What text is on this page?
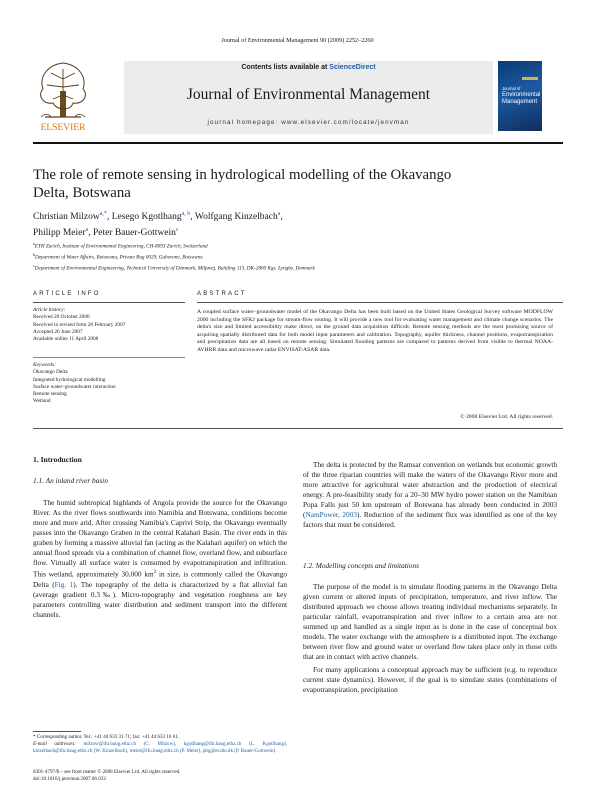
Journal of Environmental Management 90 (2009) 2252–2260
ELSEVIER
Contents lists available at ScienceDirect
Journal of Environmental Management
journal homepage: www.elsevier.com/locate/jenvman
Journal of
Environmental
Management
The role of remote sensing in hydrological modelling of the Okavango Delta, Botswana
Christian Milzow$^{a,*}$, Lesego Kgotlhang$^{a, b}$, Wolfgang Kinzelbach$^a$,
Philipp Meier$^a$, Peter Bauer-Gottwein$^c$
$^a$ETH Zurich, Institute of Environmental Engineering, CH-8093 Zurich, Switzerland
$^b$Department of Water Affairs, Botswana, Private Bag 0029, Gaborone, Botswana
$^c$Department of Environmental Engineering, Technical University of Denmark, Miljøvej, Building 113, DK-2800 Kgs. Lyngby, Denmark
ARTICLE INFO	ABSTRACT
Article history:
Received 20 October 2006
Received in revised form 28 February 2007
Accepted 26 June 2007
Available online 11 April 2008
Keywords:
Okavango Delta
Integrated hydrological modelling
Surface water–groundwater interaction
Remote sensing
Wetland
A coupled surface water–groundwater model of the Okavango Delta has been built based on the United States Geological Survey software MODFLOW 2000 including the SFR2 package for stream-flow routing. It will provide a new tool for evaluating water management and climate change scenarios. The delta's size and limited accessibility make direct, on the ground data acquisition difficult. Remote sensing methods are the most promising source of acquiring spatially distributed data for both model input parameters and calibration. Topography, aquifer thickness, channel positions, evapotranspiration and precipitation data are all based on remote sensing. Simulated flooding patterns are compared to patterns derived from visible to thermal NOAA-AVHRR data and microwave radar ENVISAT-ASAR data.
© 2008 Elsevier Ltd. All rights reserved.
1. Introduction
1.1. An inland river basin
The humid subtropical highlands of Angola provide the source for the Okavango River. As the river flows southwards into Namibia and Botswana, conditions become more and more arid. After crossing Namibia's Caprivi Strip, the Okavango eventually passes into the Okavango Graben in the central Kalahari Basin. The river ends in this graben by forming a massive alluvial fan (acting as the Kalahari aquifer) on which the annual flood spreads via a combination of channel flow, overland flow, and subsurface flow. Virtually all surface water is consumed by evapotranspiration and infiltration. This wetland, approximately 30,000 $km^2$ in size, is commonly called the Okavango Delta (Fig. 1). The topography of the delta is characterized by a flat alluvial fan (average gradient 0.3‰). Micro-topography and vegetation roughness are key parameters controlling water distribution and sediment transport into the different channels.
The delta is protected by the Ramsar convention on wetlands but economic growth of the three riparian countries will make the waters of the Okavango River more and more attractive for agricultural water abstraction and the production of electrical energy. A pre-feasibility study for a 20–30 MW hydro power station on the Namibian Popa Falls just 50 km upstream of Botswana has already been conducted in 2003 (NamPower, 2003). Reduction of the sediment flux was identified as one of the key factors that must be considered.
1.2. Modelling concepts and limitations
The purpose of the model is to simulate flooding patterns in the Okavango Delta given current or altered inputs of precipitation, temperature, and river inflow. The distributed approach we choose allows treating individual mechanisms separately. In particular rainfall, evapotranspiration and river inflow to a certain area are not summed up and handled as a single input as is done in the case of conceptual box models. The water exchange with the atmosphere is a distributed input. The exchange between river flow and ground water or overland flow takes place only in those cells that are in contact with active channels.
For many applications a conceptual approach may be sufficient (e.g. to reproduce current state dynamics). However, if the goal is to simulate states (combinations of evapotranspiration, precipitation
* Corresponding author. Tel.: +41 44 633 31 71; fax: +41 44 633 10 61.
E-mail addresses: milzow@ifu.baug.ethz.ch (C. Milzow), kgotlhang@ifu.baug.ethz.ch (L. Kgotlhang), kinzelbach@ifu.baug.ethz.ch (W. Kinzelbach), meier@ifu.baug.ethz.ch (P. Meier), pbg@er.dtu.dk (P. Bauer-Gottwein).
0301-4797/$ – see front matter © 2008 Elsevier Ltd. All rights reserved.
doi:10.1016/j.jenvman.2007.06.032
